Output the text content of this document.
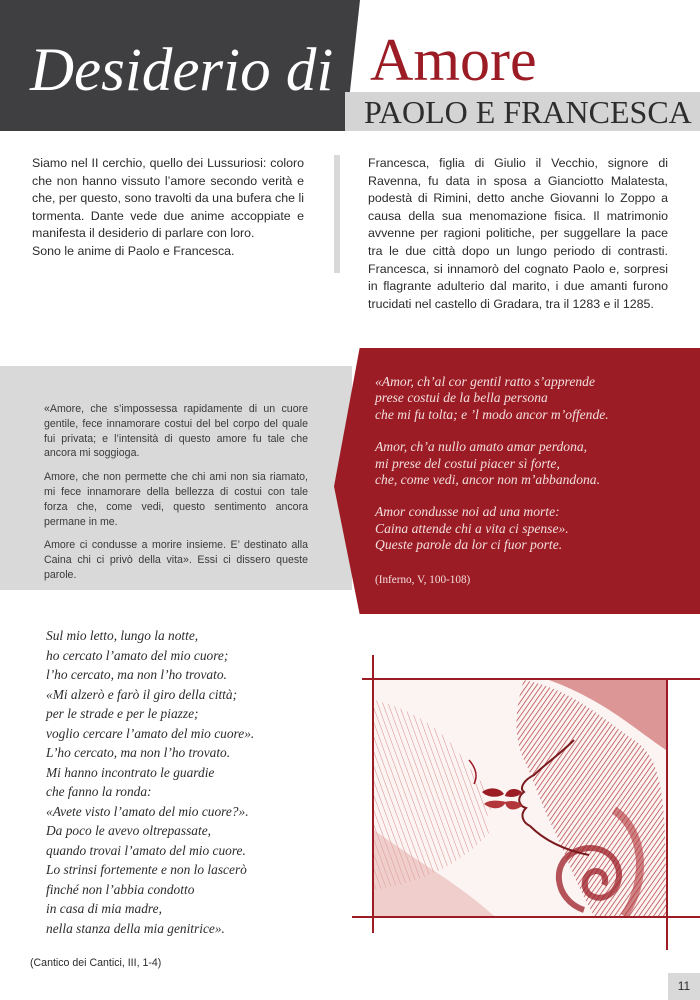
Desiderio di Amore
PAOLO E FRANCESCA

Siamo nel II cerchio, quello dei Lussuriosi: coloro che non hanno vissuto l’amore secondo verità e che, per questo, sono travolti da una bufera che li tormenta. Dante vede due anime accoppiate e manifesta il desiderio di parlare con loro.

Sono le anime di Paolo e Francesca.

Francesca, figlia di Giulio il Vecchio, signore di Ravenna, fu data in sposa a Gianciotto Malatesta, podestà di Rimini, detto anche Giovanni lo Zoppo a causa della sua menomazione fisica. Il matrimonio avvenne per ragioni politiche, per suggellare la pace tra le due città dopo un lungo periodo di contrasti. Francesca, si innamorò del cognato Paolo e, sorpresi in flagrante adulterio dal marito, i due amanti furono trucidati nel castello di Gradara, tra il 1283 e il 1285.

«Amore, che s’impossessa rapidamente di un cuore gentile, fece innamorare costui del bel corpo del quale fui privata; e l’intensità di questo amore fu tale che ancora mi soggioga.

Amore, che non permette che chi ami non sia riamato, mi fece innamorare della bellezza di costui con tale forza che, come vedi, questo sentimento ancora permane in me.

Amore ci condusse a morire insieme. E’ destinato alla Caina chi ci privò della vita». Essi ci dissero queste parole.

«Amor, ch’al cor gentil ratto s’apprende
prese costui de la bella persona
che mi fu tolta; e ’l modo ancor m’offende.

Amor, ch’a nullo amato amar perdona,
mi prese del costui piacer sì forte,
che, come vedi, ancor non m’abbandona.

Amor condusse noi ad una morte:
Caina attende chi a vita ci spense».
Queste parole da lor ci fuor porte.

(Inferno, V, 100-108)
Sul mio letto, lungo la notte,
ho cercato l’amato del mio cuore;
l’ho cercato, ma non l’ho trovato.
«Mi alzerò e farò il giro della città;
per le strade e per le piazze;
voglio cercare l’amato del mio cuore».
L’ho cercato, ma non l’ho trovato.
Mi hanno incontrato le guardie
che fanno la ronda:
«Avete visto l’amato del mio cuore?».
Da poco le avevo oltrepassate,
quando trovai l’amato del mio cuore.
Lo strinsi fortemente e non lo lascerò
finché non l’abbia condotto
in casa di mia madre,
nella stanza della mia genitrice».
(Cantico dei Cantici, III, 1-4)
11
